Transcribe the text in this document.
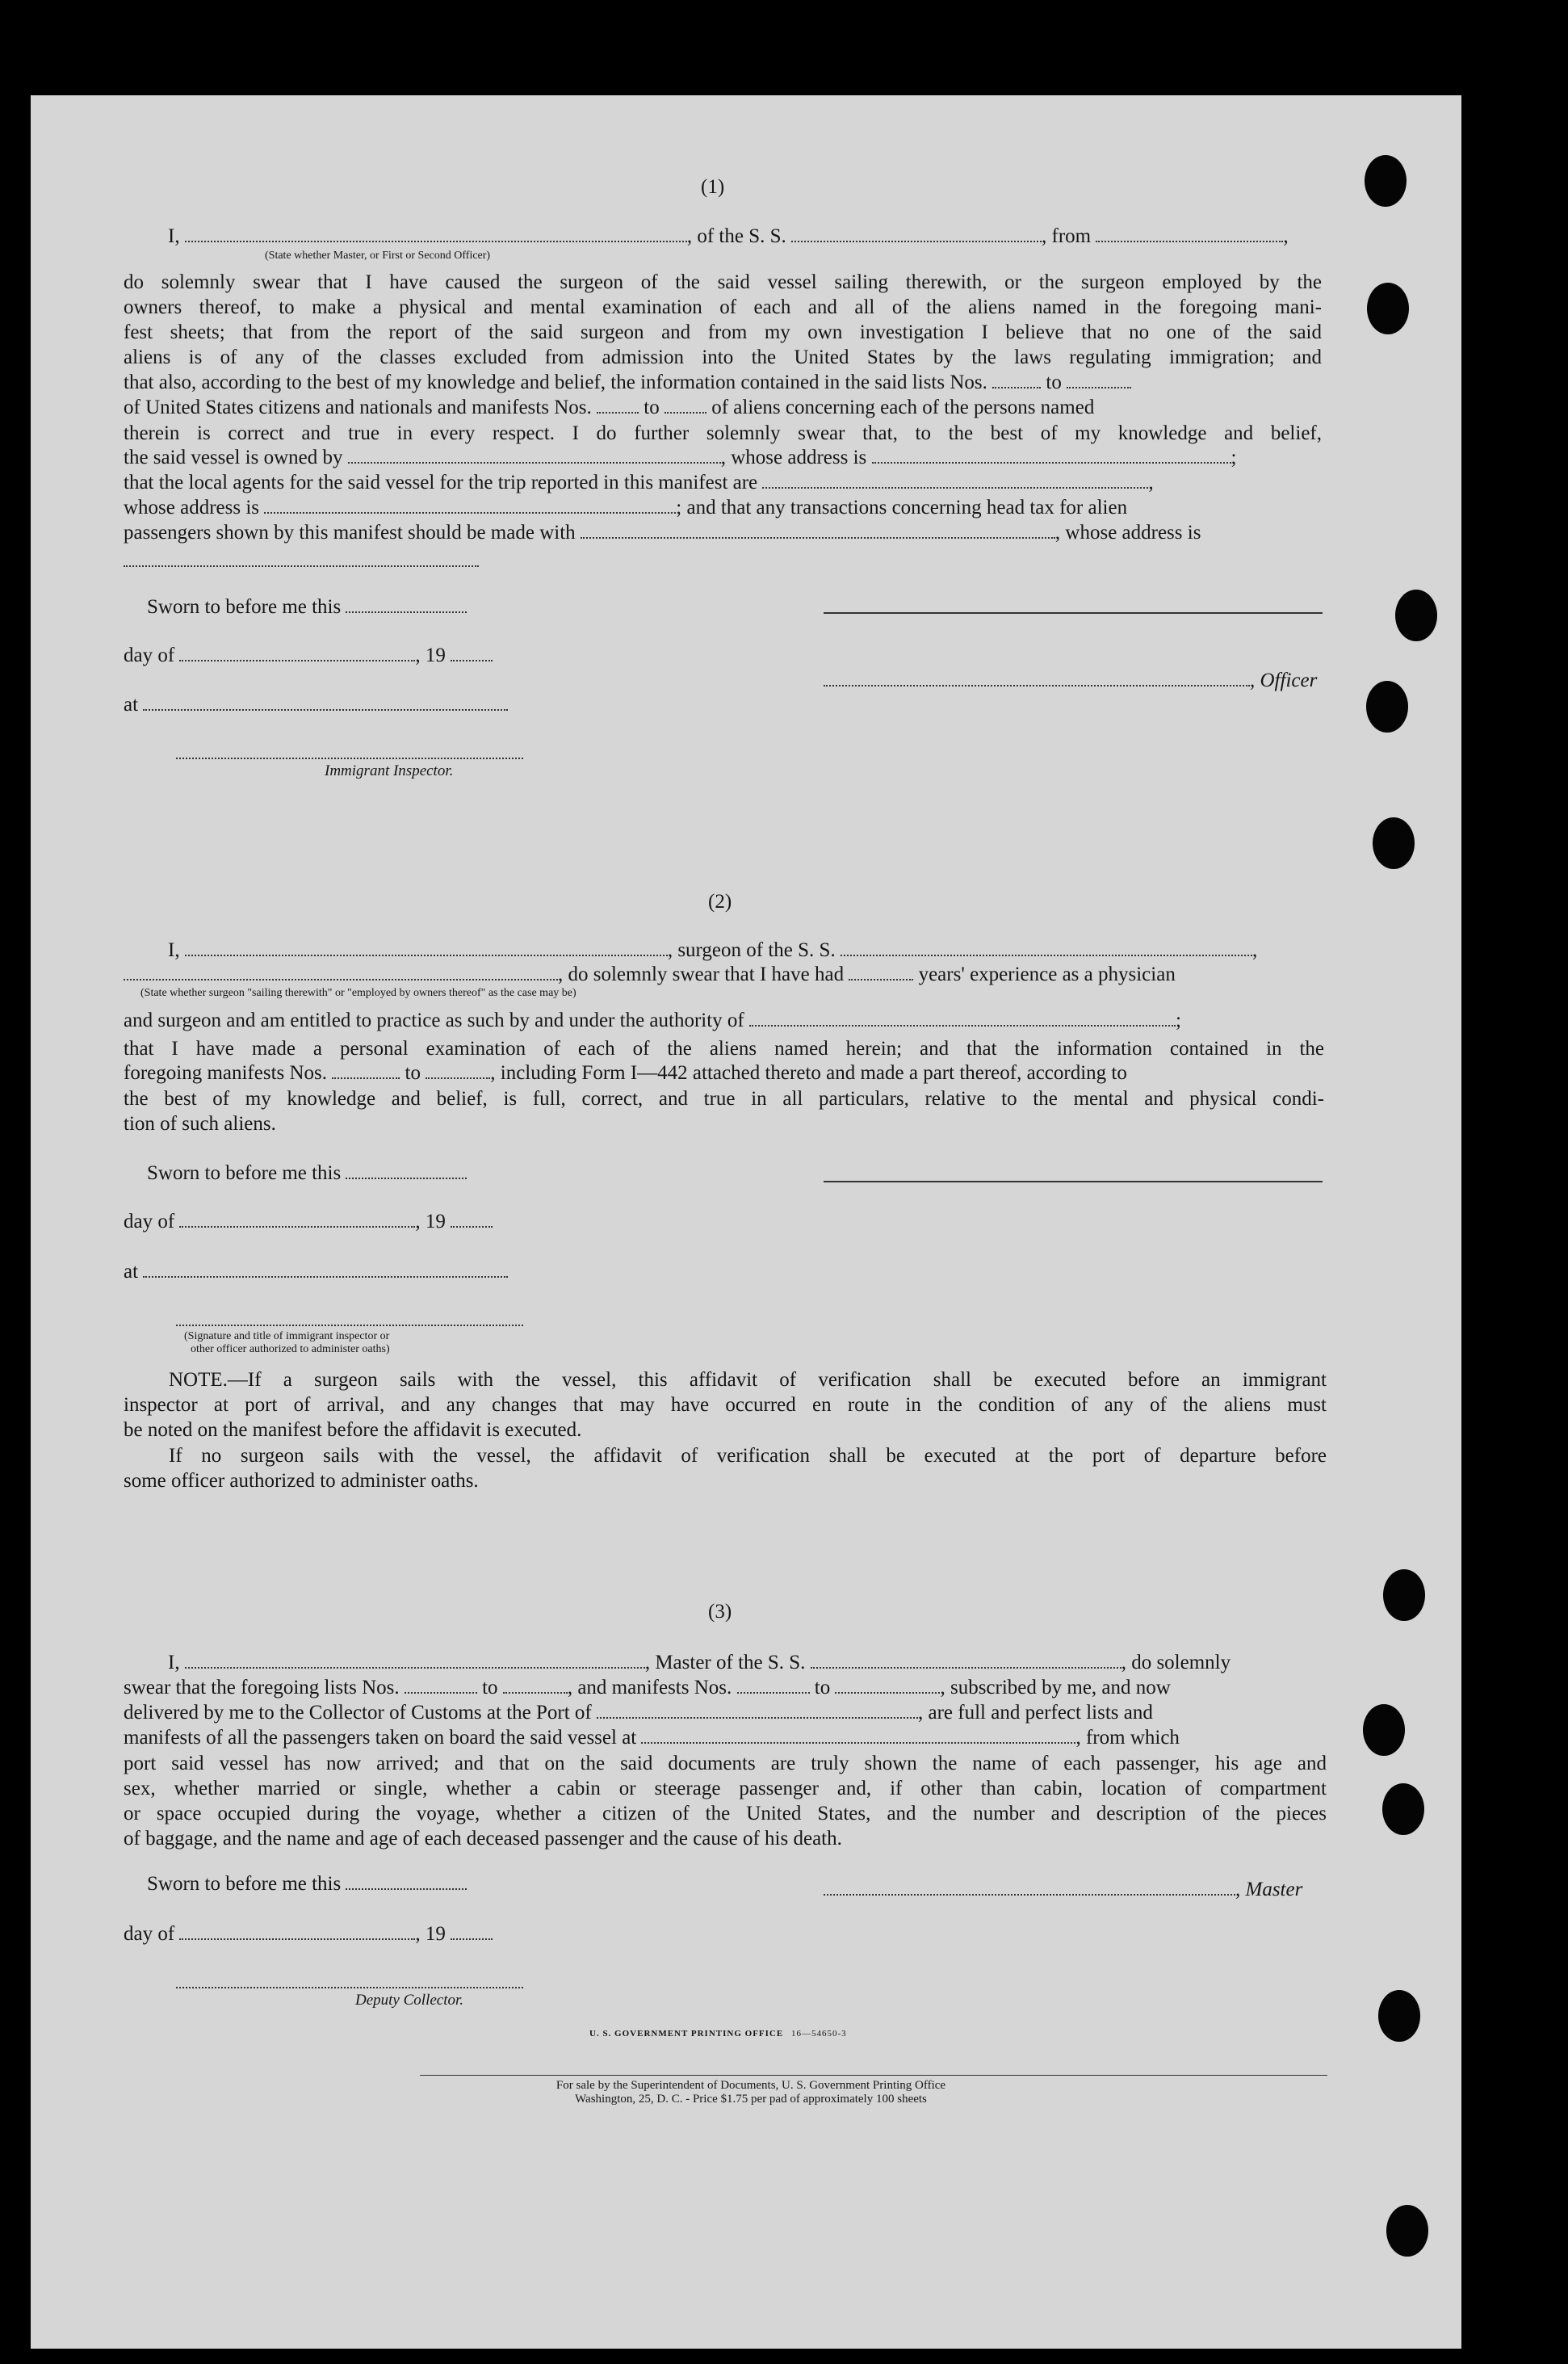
(1)
I,	, of the S. S.	, from	,
(State whether Master, or First or Second Officer)
do solemnly swear that I have caused the surgeon of the said vessel sailing therewith, or the surgeon employed by the
owners thereof, to make a physical and mental examination of each and all of the aliens named in the foregoing mani-
fest sheets; that from the report of the said surgeon and from my own investigation I believe that no one of the said
aliens is of any of the classes excluded from admission into the United States by the laws regulating immigration; and
that also, according to the best of my knowledge and belief, the information contained in the said lists Nos.	to
of United States citizens and nationals and manifests Nos.	to	of aliens concerning each of the persons named
therein is correct and true in every respect. I do further solemnly swear that, to the best of my knowledge and belief,
the said vessel is owned by	, whose address is	;
that the local agents for the said vessel for the trip reported in this manifest are	,
whose address is	; and that any transactions concerning head tax for alien
passengers shown by this manifest should be made with	, whose address is
Sworn to before me this
day of	, 19
, Officer
at
Immigrant Inspector.
(2)
I,	, surgeon of the S. S.	,
, do solemnly swear that I have had	years' experience as a physician
(State whether surgeon "sailing therewith" or "employed by owners thereof" as the case may be)
and surgeon and am entitled to practice as such by and under the authority of	;
that I have made a personal examination of each of the aliens named herein; and that the information contained in the
foregoing manifests Nos.	to	, including Form I—442 attached thereto and made a part thereof, according to
the best of my knowledge and belief, is full, correct, and true in all particulars, relative to the mental and physical condi-
tion of such aliens.
Sworn to before me this
day of	, 19
at
(Signature and title of immigrant inspector or
other officer authorized to administer oaths)
NOTE.—If a surgeon sails with the vessel, this affidavit of verification shall be executed before an immigrant
inspector at port of arrival, and any changes that may have occurred en route in the condition of any of the aliens must
be noted on the manifest before the affidavit is executed.
If no surgeon sails with the vessel, the affidavit of verification shall be executed at the port of departure before
some officer authorized to administer oaths.
(3)
I,	, Master of the S. S.	, do solemnly
swear that the foregoing lists Nos.	to	, and manifests Nos.	to	, subscribed by me, and now
delivered by me to the Collector of Customs at the Port of	, are full and perfect lists and
manifests of all the passengers taken on board the said vessel at	, from which
port said vessel has now arrived; and that on the said documents are truly shown the name of each passenger, his age and
sex, whether married or single, whether a cabin or steerage passenger and, if other than cabin, location of compartment
or space occupied during the voyage, whether a citizen of the United States, and the number and description of the pieces
of baggage, and the name and age of each deceased passenger and the cause of his death.
Sworn to before me this	, Master
day of	, 19
Deputy Collector.
U. S. GOVERNMENT PRINTING OFFICE 16—54650-3
For sale by the Superintendent of Documents, U. S. Government Printing Office
Washington, 25, D. C. - Price $1.75 per pad of approximately 100 sheets
